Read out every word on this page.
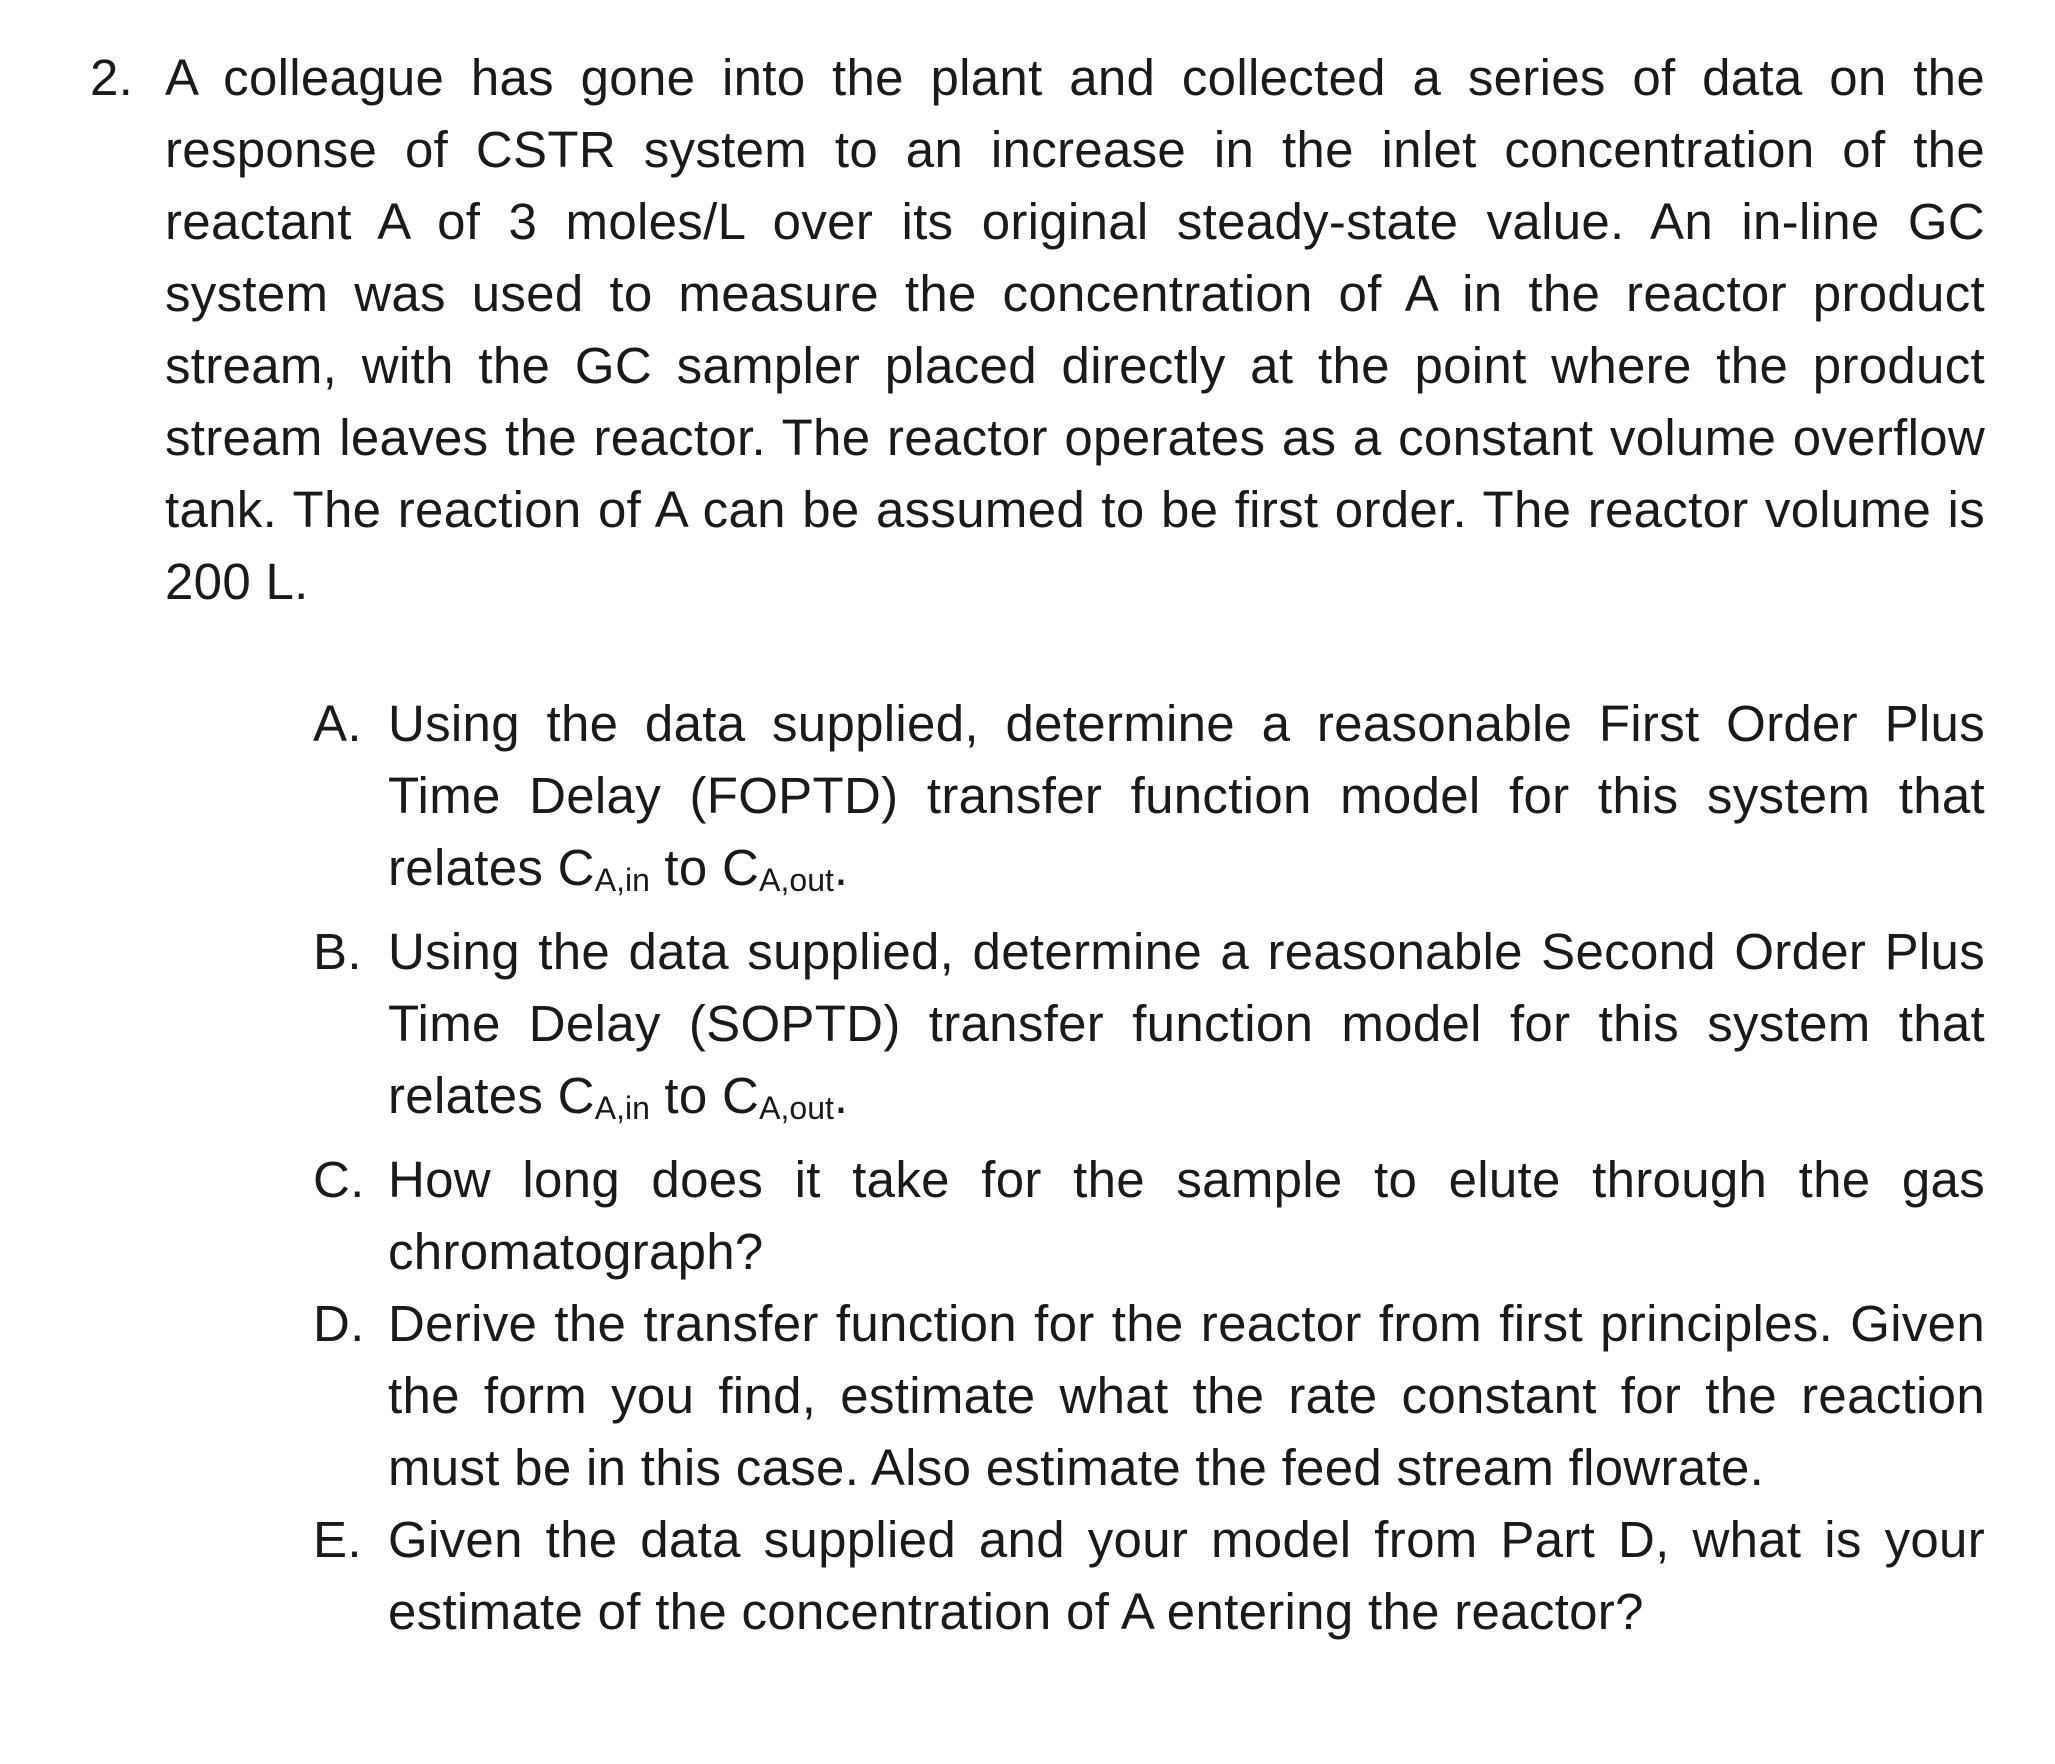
2. A colleague has gone into the plant and collected a series of data on the response of CSTR system to an increase in the inlet concentration of the reactant A of 3 moles/L over its original steady-state value. An in-line GC system was used to measure the concentration of A in the reactor product stream, with the GC sampler placed directly at the point where the product stream leaves the reactor. The reactor operates as a constant volume overflow tank. The reaction of A can be assumed to be first order. The reactor volume is 200 L.
A. Using the data supplied, determine a reasonable First Order Plus Time Delay (FOPTD) transfer function model for this system that relates CA,in to CA,out.
B. Using the data supplied, determine a reasonable Second Order Plus Time Delay (SOPTD) transfer function model for this system that relates CA,in to CA,out.
C. How long does it take for the sample to elute through the gas chromatograph?
D. Derive the transfer function for the reactor from first principles. Given the form you find, estimate what the rate constant for the reaction must be in this case. Also estimate the feed stream flowrate.
E. Given the data supplied and your model from Part D, what is your estimate of the concentration of A entering the reactor?
